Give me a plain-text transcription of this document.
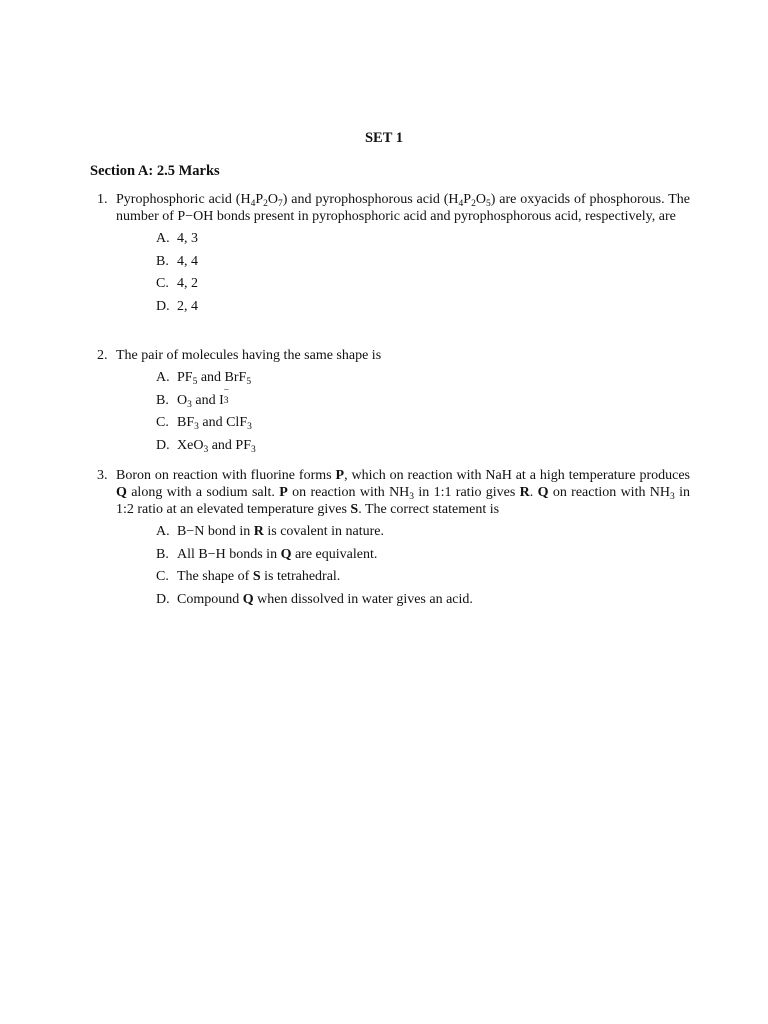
SET 1
Section A: 2.5 Marks
1. Pyrophosphoric acid $(H_4P_2O_7)$ and pyrophosphorous acid $(H_4P_2O_5)$ are oxyacids of phosphorous. The number of P−OH bonds present in pyrophosphoric acid and pyrophosphorous acid, respectively, are
A. 4, 3
B. 4, 4
C. 4, 2
D. 2, 4
2. The pair of molecules having the same shape is
A. $PF_5$ and BrF$_5$
B. $O_3$ and I
−
3
C. $BF_3$ and ClF$_3$
D. XeO$_3$ and $PF_3$
3. Boron on reaction with fluorine forms P, which on reaction with NaH at a high temperature produces Q along with a sodium salt. P on reaction with $NH_3$ in 1:1 ratio gives R. Q on reaction with $NH_3$ in 1:2 ratio at an elevated temperature gives S. The correct statement is
A. B−N bond in R is covalent in nature.
B. All B−H bonds in Q are equivalent.
C. The shape of S is tetrahedral.
D. Compound Q when dissolved in water gives an acid.
